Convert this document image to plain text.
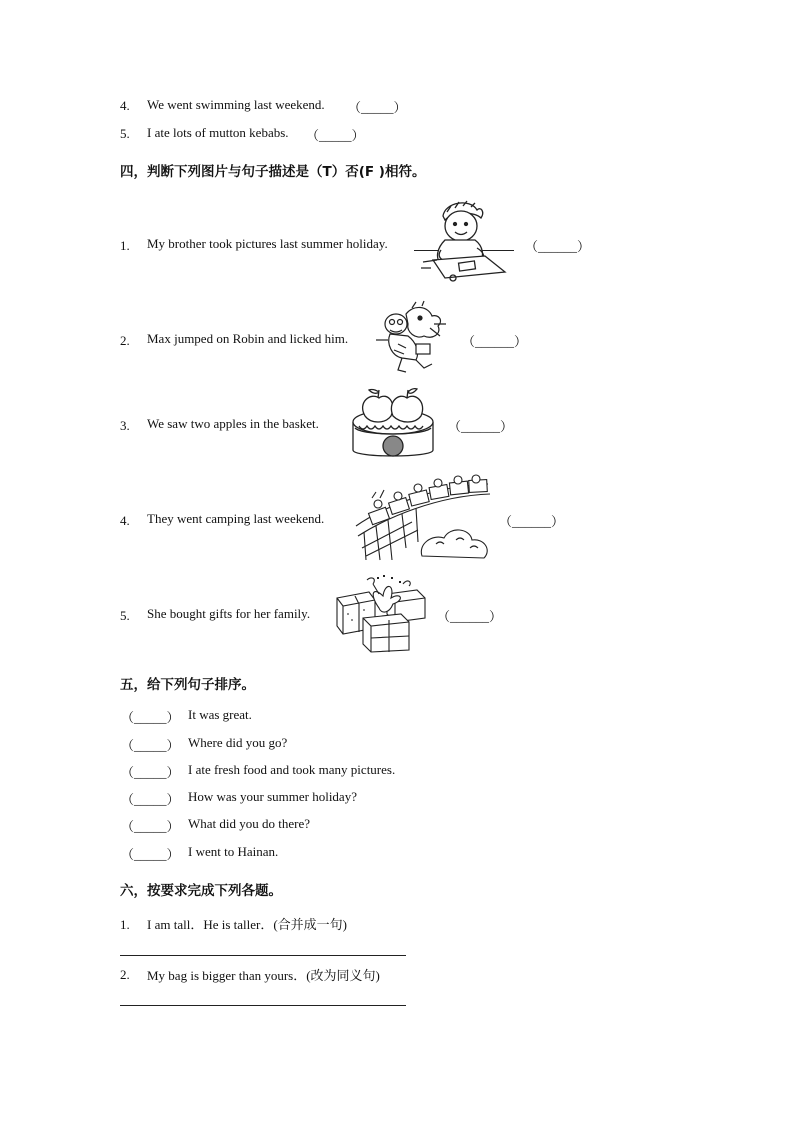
4. We went swimming last weekend. （_____）
5. I ate lots of mutton kebabs. （_____）
四，判断下列图片与句子描述是（T）否(F )相符。
1. My brother took pictures last summer holiday.	（______）
2. Max jumped on Robin and licked him.	（______）
3. We saw two apples in the basket.	（______）
4. They went camping last weekend.	（______）
5. She bought gifts for her family.	（______）
五，给下列句子排序。
（_____） It was great.
（_____） Where did you go?
（_____） I ate fresh food and took many pictures.
（_____） How was your summer holiday?
（_____） What did you do there?
（_____） I went to Hainan.
六，按要求完成下列各题。
1. I am tall．He is taller．(合并成一句)
2. My bag is bigger than yours．(改为同义句)
